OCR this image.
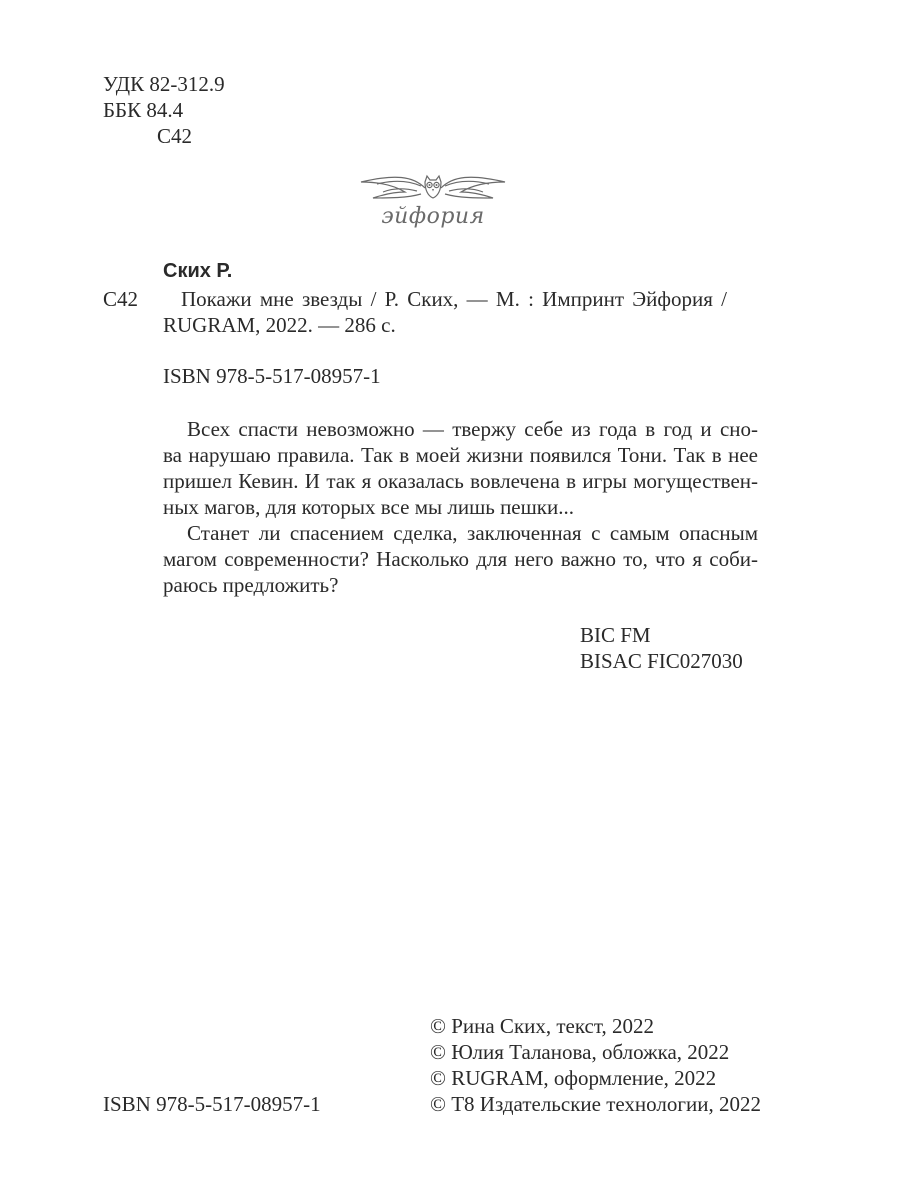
УДК 82-312.9
ББК 84.4
С42
эйфория
Ских Р.
С42 Покажи мне звезды / Р. Ских, — М. : Импринт Эйфория /
RUGRAM, 2022. — 286 с.
ISBN 978-5-517-08957-1
Всех спасти невозможно — твержу себе из года в год и сно-
ва нарушаю правила. Так в моей жизни появился Тони. Так в нее
пришел Кевин. И так я оказалась вовлечена в игры могуществен-
ных магов, для которых все мы лишь пешки...
Станет ли спасением сделка, заключенная с самым опасным
магом современности? Насколько для него важно то, что я соби-
раюсь предложить?
BIC FM
BISAC FIC027030
© Рина Ских, текст, 2022
© Юлия Таланова, обложка, 2022
© RUGRAM, оформление, 2022
© Т8 Издательские технологии, 2022
ISBN 978-5-517-08957-1
